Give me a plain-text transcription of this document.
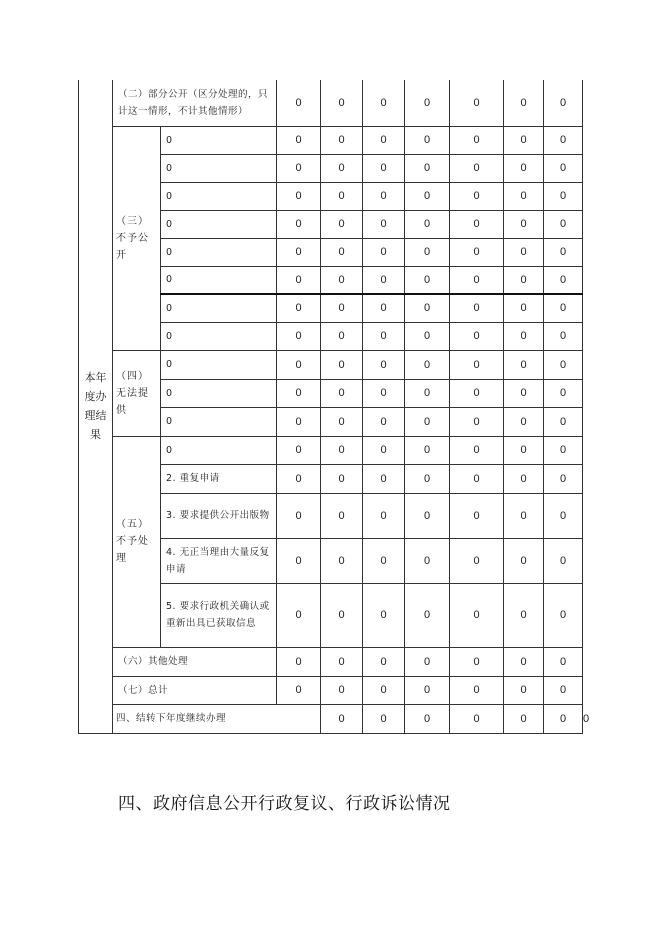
本年度办理结果	（二）部分公开（区分处理的，只计这一情形，不计其他情形）		0	0	0	0	0	0	0	
	（三）不予公开	0	0	0	0	0	0	0	0	
		0	0	0	0	0	0	0	0	
		0	0	0	0	0	0	0	0	
		0	0	0	0	0	0	0	0	
		0	0	0	0	0	0	0	0	
		0	0	0	0	0	0	0	0	
		0	0	0	0	0	0	0	0	
		0	0	0	0	0	0	0	0	
	（四）无法提供	0	0	0	0	0	0	0	0	
		0	0	0	0	0	0	0	0	
		0	0	0	0	0	0	0	0	
	（五）不予处理	0	0	0	0	0	0	0	0	
		2. 重复申请	0	0	0	0	0	0	0	
		3. 要求提供公开出版物	0	0	0	0	0	0	0	
		4. 无正当理由大量反复申请	0	0	0	0	0	0	0	
		5. 要求行政机关确认或重新出具已获取信息	0	0	0	0	0	0	0	
	（六）其他处理		0	0	0	0	0	0	0	
	（七）总计		0	0	0	0	0	0	0	
	四、结转下年度继续办理			0	0	0	0	0	0	0
四、政府信息公开行政复议、行政诉讼情况
